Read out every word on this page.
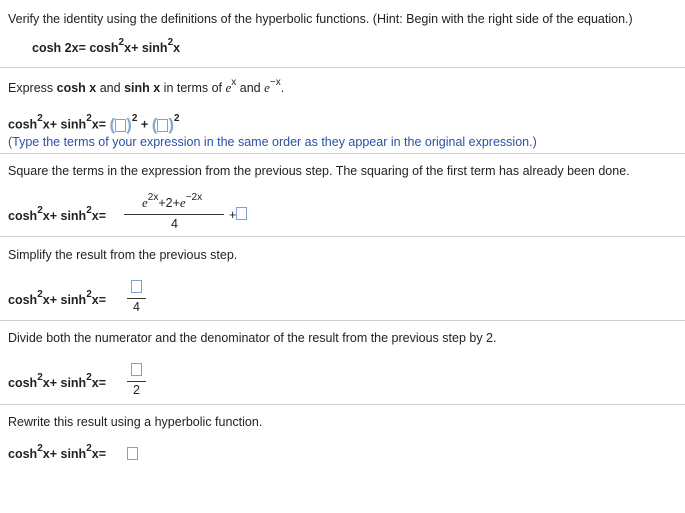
Verify the identity using the definitions of the hyperbolic functions. (Hint: Begin with the right side of the equation.)
$\cosh 2x= \cosh^2x+ \sinh^2x$
Express cosh x and sinh x in terms of $e^x$ and $e^{-x}$.
$\cosh^2x+ \sinh^2x=$ ( )$^2$ + ( )$^2$
(Type the terms of your expression in the same order as they appear in the original expression.)
Square the terms in the expression from the previous step. The squaring of the first term has already been done.
$\cosh^2x+ \sinh^2x=$
$e^{2x}+2+e^{-2x}$
4
+
Simplify the result from the previous step.
$\cosh^2x+ \sinh^2x= 4$
Divide both the numerator and the denominator of the result from the previous step by 2.
$\cosh^2x+ \sinh^2x= 2$
Rewrite this result using a hyperbolic function.
$\cosh^2x+ \sinh^2x=$
